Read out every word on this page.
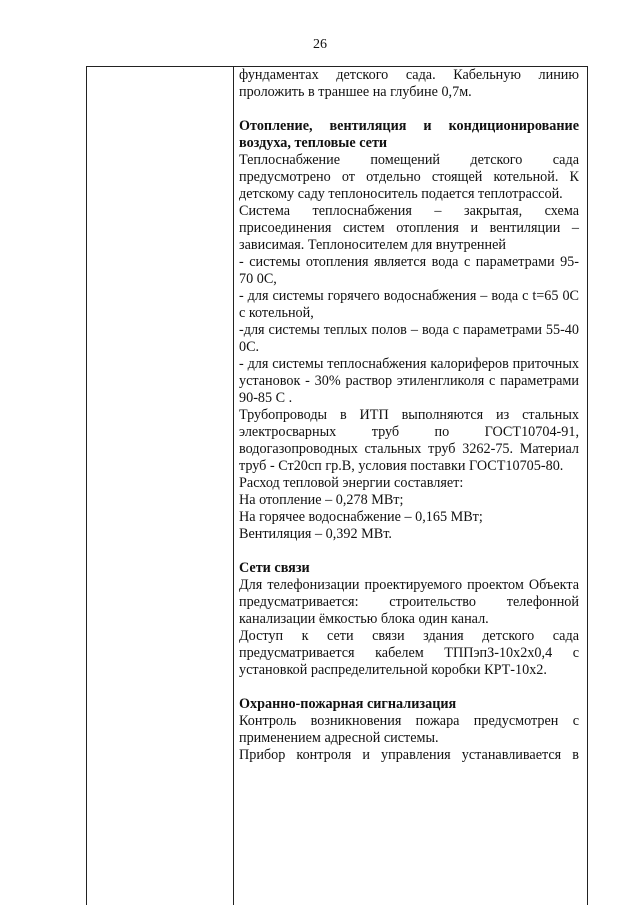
26

фундаментах детского сада. Кабельную линию проложить в траншее на глубине 0,7м.

Отопление, вентиляция и кондиционирование воздуха, тепловые сети

Теплоснабжение помещений детского сада предусмотрено от отдельно стоящей котельной. К детскому саду теплоноситель подается теплотрассой.

Система теплоснабжения – закрытая, схема присоединения систем отопления и вентиляции – зависимая. Теплоносителем для внутренней

- системы отопления является вода с параметрами 95-70 0С,

- для системы горячего водоснабжения – вода с t=65 0С с котельной,

-для системы теплых полов – вода с параметрами 55-40 0С.

- для системы теплоснабжения калориферов приточных установок - 30% раствор этиленгликоля с параметрами 90-85 С .

Трубопроводы в ИТП выполняются из стальных электросварных труб по ГОСТ10704-91, водогазопроводных стальных труб 3262-75. Материал труб - Ст20сп гр.В, условия поставки ГОСТ10705-80.

Расход тепловой энергии составляет:

На отопление – 0,278 МВт;

На горячее водоснабжение – 0,165 МВт;

Вентиляция – 0,392 МВт.

Сети связи

Для телефонизации проектируемого проектом Объекта предусматривается: строительство телефонной канализации ёмкостью блока один канал.

Доступ к сети связи здания детского сада предусматривается кабелем ТППэпЗ-10х2х0,4 с установкой распределительной коробки КРТ-10х2.

Охранно-пожарная сигнализация

Контроль возникновения пожара предусмотрен с применением адресной системы.

Прибор контроля и управления устанавливается в
